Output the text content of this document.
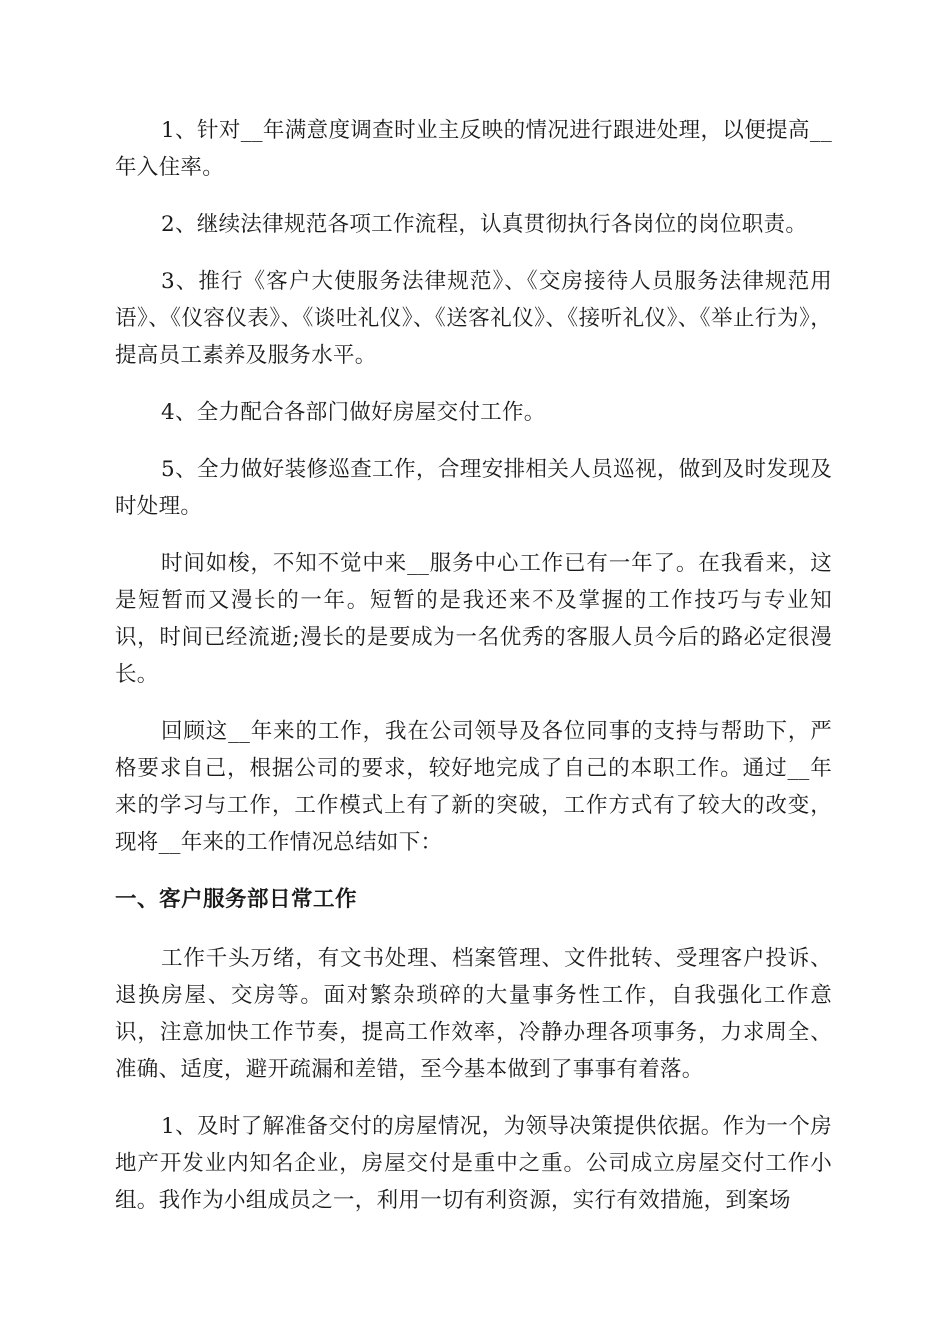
1、针对__年满意度调查时业主反映的情况进行跟进处理，以便提高__年入住率。

2、继续法律规范各项工作流程，认真贯彻执行各岗位的岗位职责。

3、推行《客户大使服务法律规范》、《交房接待人员服务法律规范用语》、《仪容仪表》、《谈吐礼仪》、《送客礼仪》、《接听礼仪》、《举止行为》，提高员工素养及服务水平。

4、全力配合各部门做好房屋交付工作。

5、全力做好装修巡查工作，合理安排相关人员巡视，做到及时发现及时处理。

时间如梭，不知不觉中来__服务中心工作已有一年了。在我看来，这是短暂而又漫长的一年。短暂的是我还来不及掌握的工作技巧与专业知识，时间已经流逝;漫长的是要成为一名优秀的客服人员今后的路必定很漫长。

回顾这__年来的工作，我在公司领导及各位同事的支持与帮助下，严格要求自己，根据公司的要求，较好地完成了自己的本职工作。通过__年来的学习与工作，工作模式上有了新的突破，工作方式有了较大的改变，现将__年来的工作情况总结如下：

一、客户服务部日常工作

工作千头万绪，有文书处理、档案管理、文件批转、受理客户投诉、退换房屋、交房等。面对繁杂琐碎的大量事务性工作，自我强化工作意识，注意加快工作节奏，提高工作效率，冷静办理各项事务，力求周全、准确、适度，避开疏漏和差错，至今基本做到了事事有着落。

1、及时了解准备交付的房屋情况，为领导决策提供依据。作为一个房地产开发业内知名企业，房屋交付是重中之重。公司成立房屋交付工作小组。我作为小组成员之一，利用一切有利资源，实行有效措施，到案场
